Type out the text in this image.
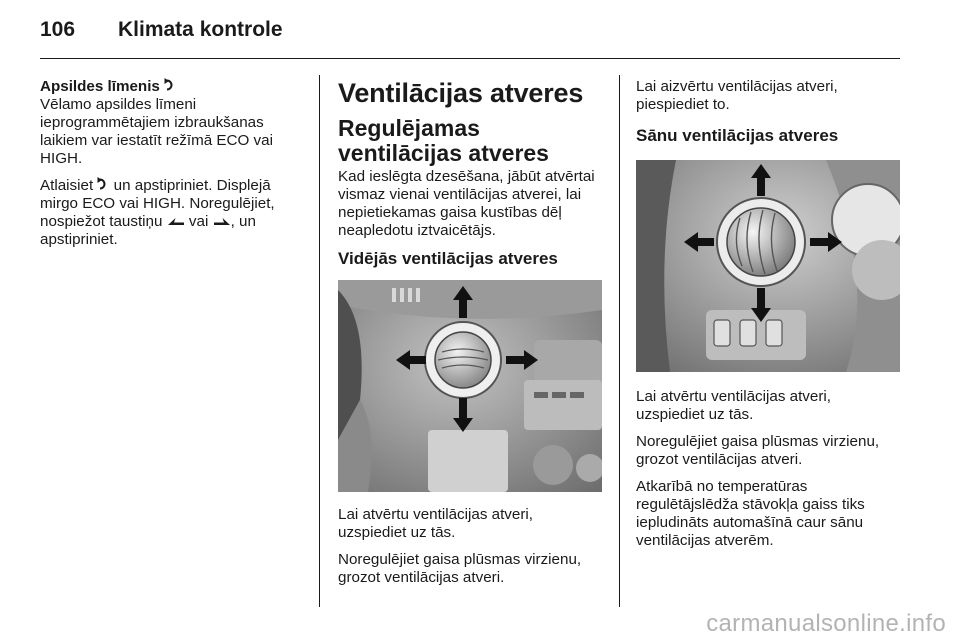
106 Klimata kontrole
Apsildes līmenis

Vēlamo apsildes līmeni ieprogrammētajiem izbraukšanas laikiem var iestatīt režīmā ECO vai HIGH.

Atlaisiet un apstipriniet. Displejā mirgo ECO vai HIGH. Noregulējiet, nospiežot taustiņu vai , un apstipriniet.

Ventilācijas atveres
Regulējamas ventilācijas atveres

Kad ieslēgta dzesēšana, jābūt atvērtai vismaz vienai ventilācijas atverei, lai nepietiekamas gaisa kustības dēļ neapledotu iztvaicētājs.

Vidējās ventilācijas atveres

Lai atvērtu ventilācijas atveri, uzspiediet uz tās.

Noregulējiet gaisa plūsmas virzienu, grozot ventilācijas atveri.

Lai aizvērtu ventilācijas atveri, piespiediet to.

Sānu ventilācijas atveres

Lai atvērtu ventilācijas atveri, uzspiediet uz tās.

Noregulējiet gaisa plūsmas virzienu, grozot ventilācijas atveri.

Atkarībā no temperatūras regulētājslēdža stāvokļa gaiss tiks iepludināts automašīnā caur sānu ventilācijas atverēm.

carmanualsonline.info
